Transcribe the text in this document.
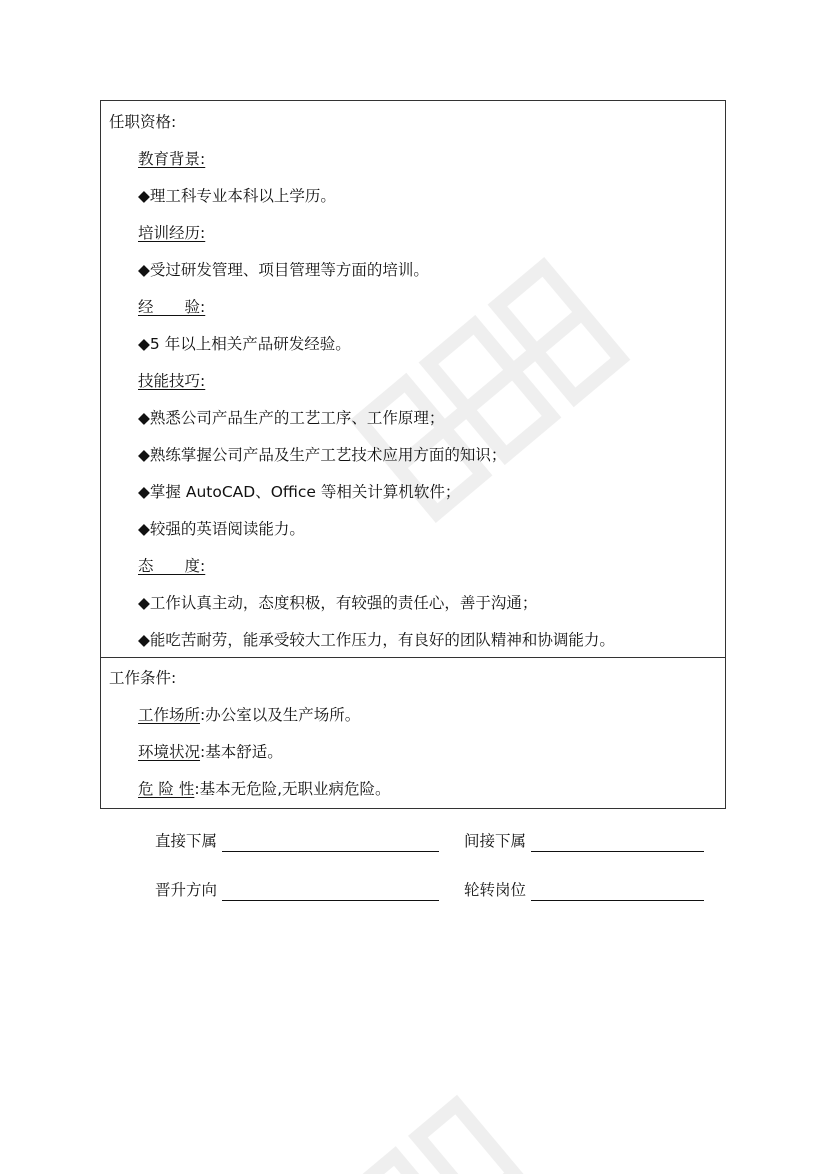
任职资格:
教育背景:
◆理工科专业本科以上学历。
培训经历:
◆受过研发管理、项目管理等方面的培训。
经　　验:
◆5 年以上相关产品研发经验。
技能技巧:
◆熟悉公司产品生产的工艺工序、工作原理；
◆熟练掌握公司产品及生产工艺技术应用方面的知识；
◆掌握 AutoCAD、Office 等相关计算机软件；
◆较强的英语阅读能力。
态　　度:
◆工作认真主动，态度积极，有较强的责任心，善于沟通；
◆能吃苦耐劳，能承受较大工作压力，有良好的团队精神和协调能力。
工作条件:
工作场所:办公室以及生产场所。
环境状况:基本舒适。
危 险 性:基本无危险,无职业病危险。
直接下属	间接下属
晋升方向	轮转岗位
